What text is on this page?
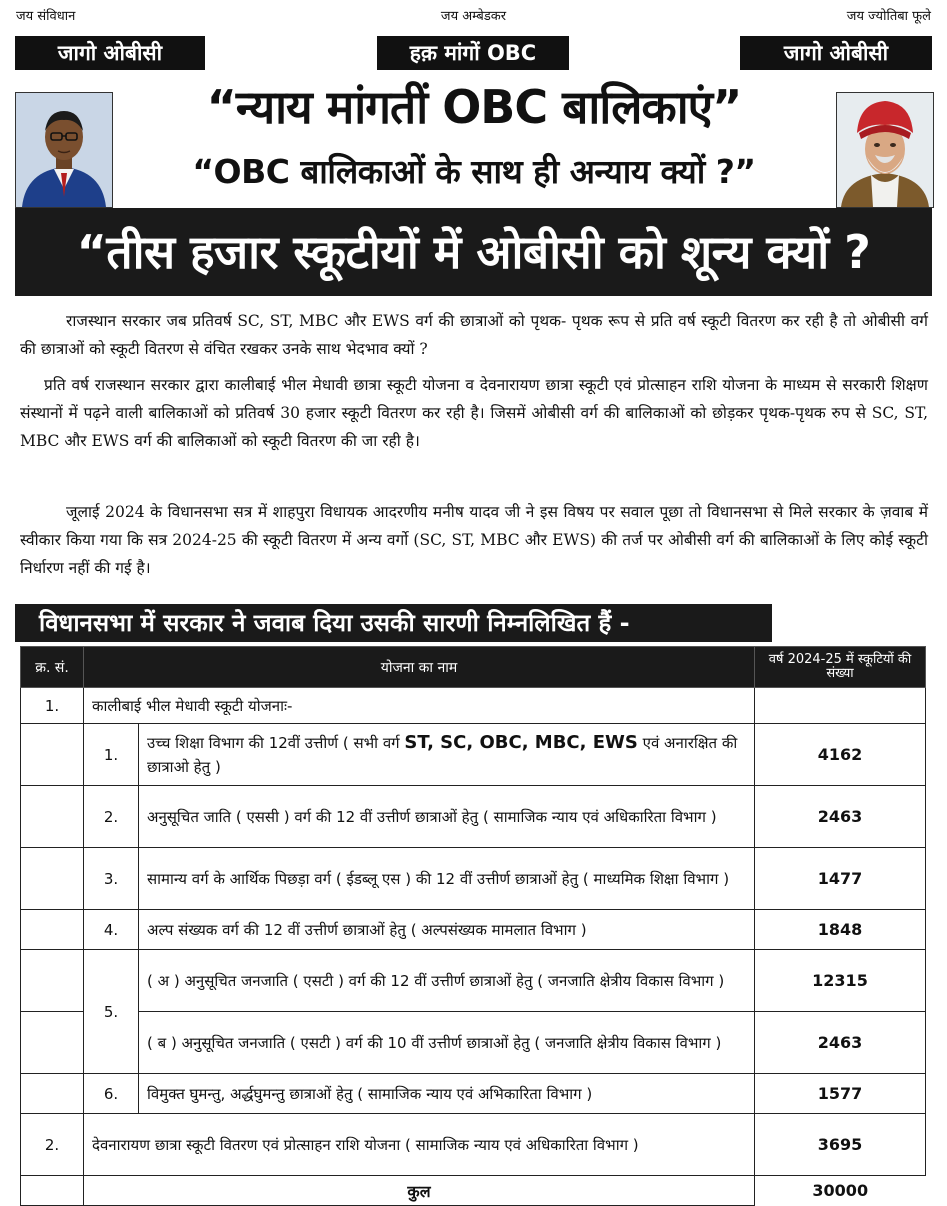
जय संविधान	जय अम्बेडकर	जय ज्योतिबा फूले
जागो ओबीसी	हक़ मांगों OBC	जागो ओबीसी
“न्याय मांगतीं OBC बालिकाएं”
“OBC बालिकाओं के साथ ही अन्याय क्यों ?”
“तीस हजार स्कूटीयों में ओबीसी को शून्य क्यों ?
राजस्थान सरकार जब प्रतिवर्ष SC, ST, MBC और EWS वर्ग की छात्राओं को पृथक- पृथक रूप से प्रति वर्ष स्कूटी वितरण कर रही है तो ओबीसी वर्ग की छात्राओं को स्कूटी वितरण से वंचित रखकर उनके साथ भेदभाव क्यों ?
प्रति वर्ष राजस्थान सरकार द्वारा कालीबाई भील मेधावी छात्रा स्कूटी योजना व देवनारायण छात्रा स्कूटी एवं प्रोत्साहन राशि योजना के माध्यम से सरकारी शिक्षण संस्थानों में पढ़ने वाली बालिकाओं को प्रतिवर्ष 30 हजार स्कूटी वितरण कर रही है। जिसमें ओबीसी वर्ग की बालिकाओं को छोड़कर पृथक-पृथक रुप से SC, ST, MBC और EWS वर्ग की बालिकाओं को स्कूटी वितरण की जा रही है।
जूलाई 2024 के विधानसभा सत्र में शाहपुरा विधायक आदरणीय मनीष यादव जी ने इस विषय पर सवाल पूछा तो विधानसभा से मिले सरकार के ज़वाब में स्वीकार किया गया कि सत्र 2024-25 की स्कूटी वितरण में अन्य वर्गो (SC, ST, MBC और EWS) की तर्ज पर ओबीसी वर्ग की बालिकाओं के लिए कोई स्कूटी निर्धारण नहीं की गई है।
विधानसभा में सरकार ने जवाब दिया उसकी सारणी निम्नलिखित हैं -
क्र. सं.	योजना का नाम		वर्ष 2024-25 में स्कूटियों की संख्या
1.	कालीबाई भील मेधावी स्कूटी योजनाः-		
	1.	उच्च शिक्षा विभाग की 12वीं उत्तीर्ण ( सभी वर्ग ST, SC, OBC, MBC, EWS एवं अनारक्षित की छात्राओ हेतु )	4162
	2.	अनुसूचित जाति ( एससी ) वर्ग की 12 वीं उत्तीर्ण छात्राओं हेतु ( सामाजिक न्याय एवं अधिकारिता विभाग )	2463
	3.	सामान्य वर्ग के आर्थिक पिछड़ा वर्ग ( ईडब्लू एस ) की 12 वीं उत्तीर्ण छात्राओं हेतु ( माध्यमिक शिक्षा विभाग )	1477
	4.	अल्प संख्यक वर्ग की 12 वीं उत्तीर्ण छात्राओं हेतु ( अल्पसंख्यक मामलात विभाग )	1848
	5.	( अ ) अनुसूचित जनजाति ( एसटी ) वर्ग की 12 वीं उत्तीर्ण छात्राओं हेतु ( जनजाति क्षेत्रीय विकास विभाग )	12315
		( ब ) अनुसूचित जनजाति ( एसटी ) वर्ग की 10 वीं उत्तीर्ण छात्राओं हेतु ( जनजाति क्षेत्रीय विकास विभाग )	2463
	6.	विमुक्त घुमन्तु, अर्द्धघुमन्तु छात्राओं हेतु ( सामाजिक न्याय एवं अभिकारिता विभाग )	1577
2.	देवनारायण छात्रा स्कूटी वितरण एवं प्रोत्साहन राशि योजना ( सामाजिक न्याय एवं अधिकारिता विभाग )		3695
	कुल		30000
